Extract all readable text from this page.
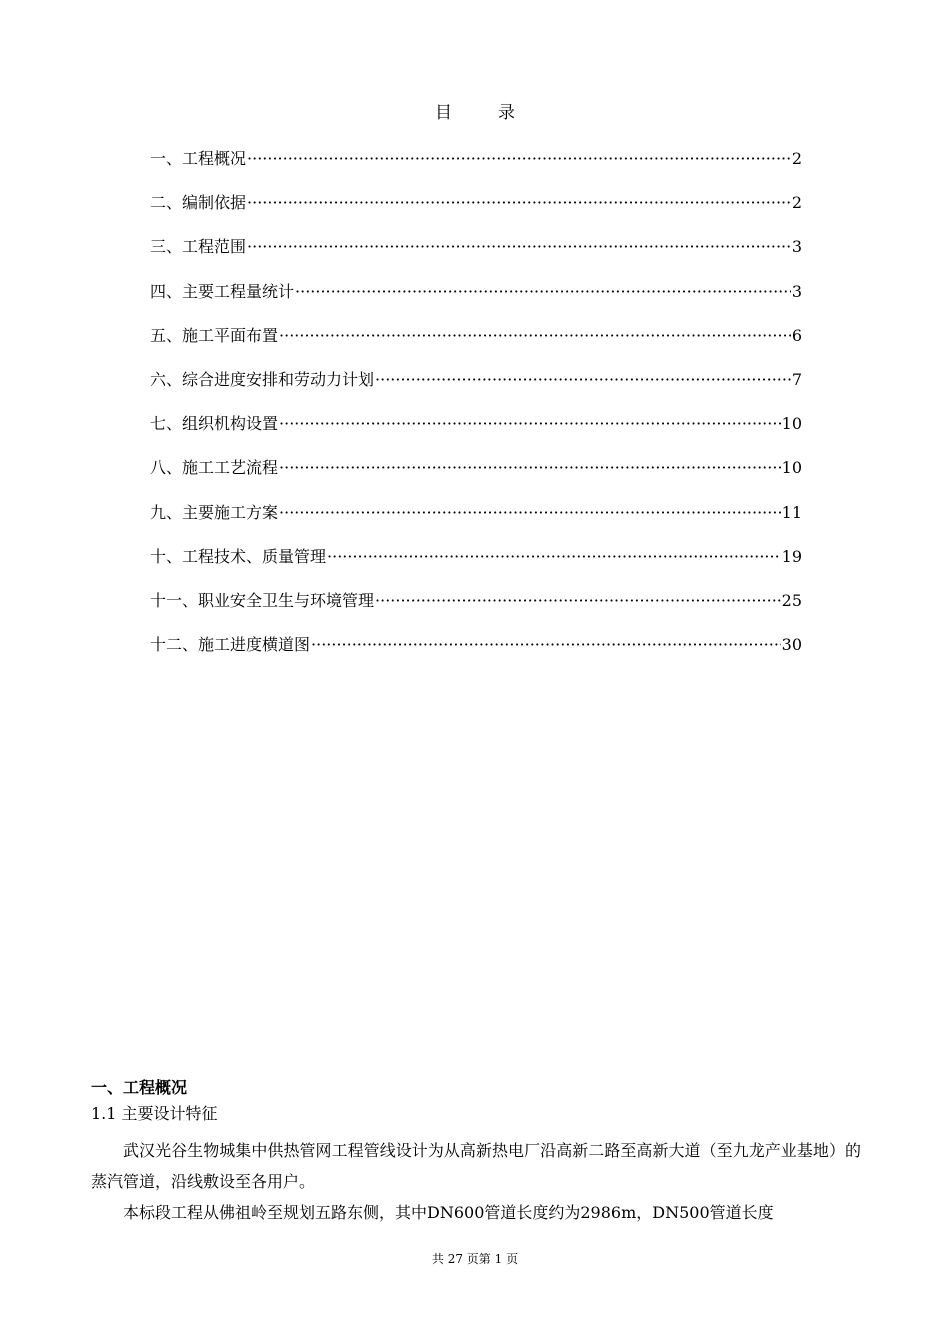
目	录
一、工程概况 ·····	2
二、编制依据 ·····	2
三、工程范围 ·····	3
四、主要工程量统计 ·····	3
五、施工平面布置 ·····	6
六、综合进度安排和劳动力计划 ·····	7
七、组织机构设置 ·····	10
八、施工工艺流程 ·····	10
九、主要施工方案 ·····	11
十、工程技术、质量管理 ·····	19
十一、职业安全卫生与环境管理 ·····	25
十二、施工进度横道图 ·····	30
一、工程概况
1.1 主要设计特征

武汉光谷生物城集中供热管网工程管线设计为从高新热电厂沿高新二路至高新大道（至九龙产业基地）的蒸汽管道，沿线敷设至各用户。

本标段工程从佛祖岭至规划五路东侧，其中DN600管道长度约为2986m，DN500管道长度

共 27 页第 1 页
